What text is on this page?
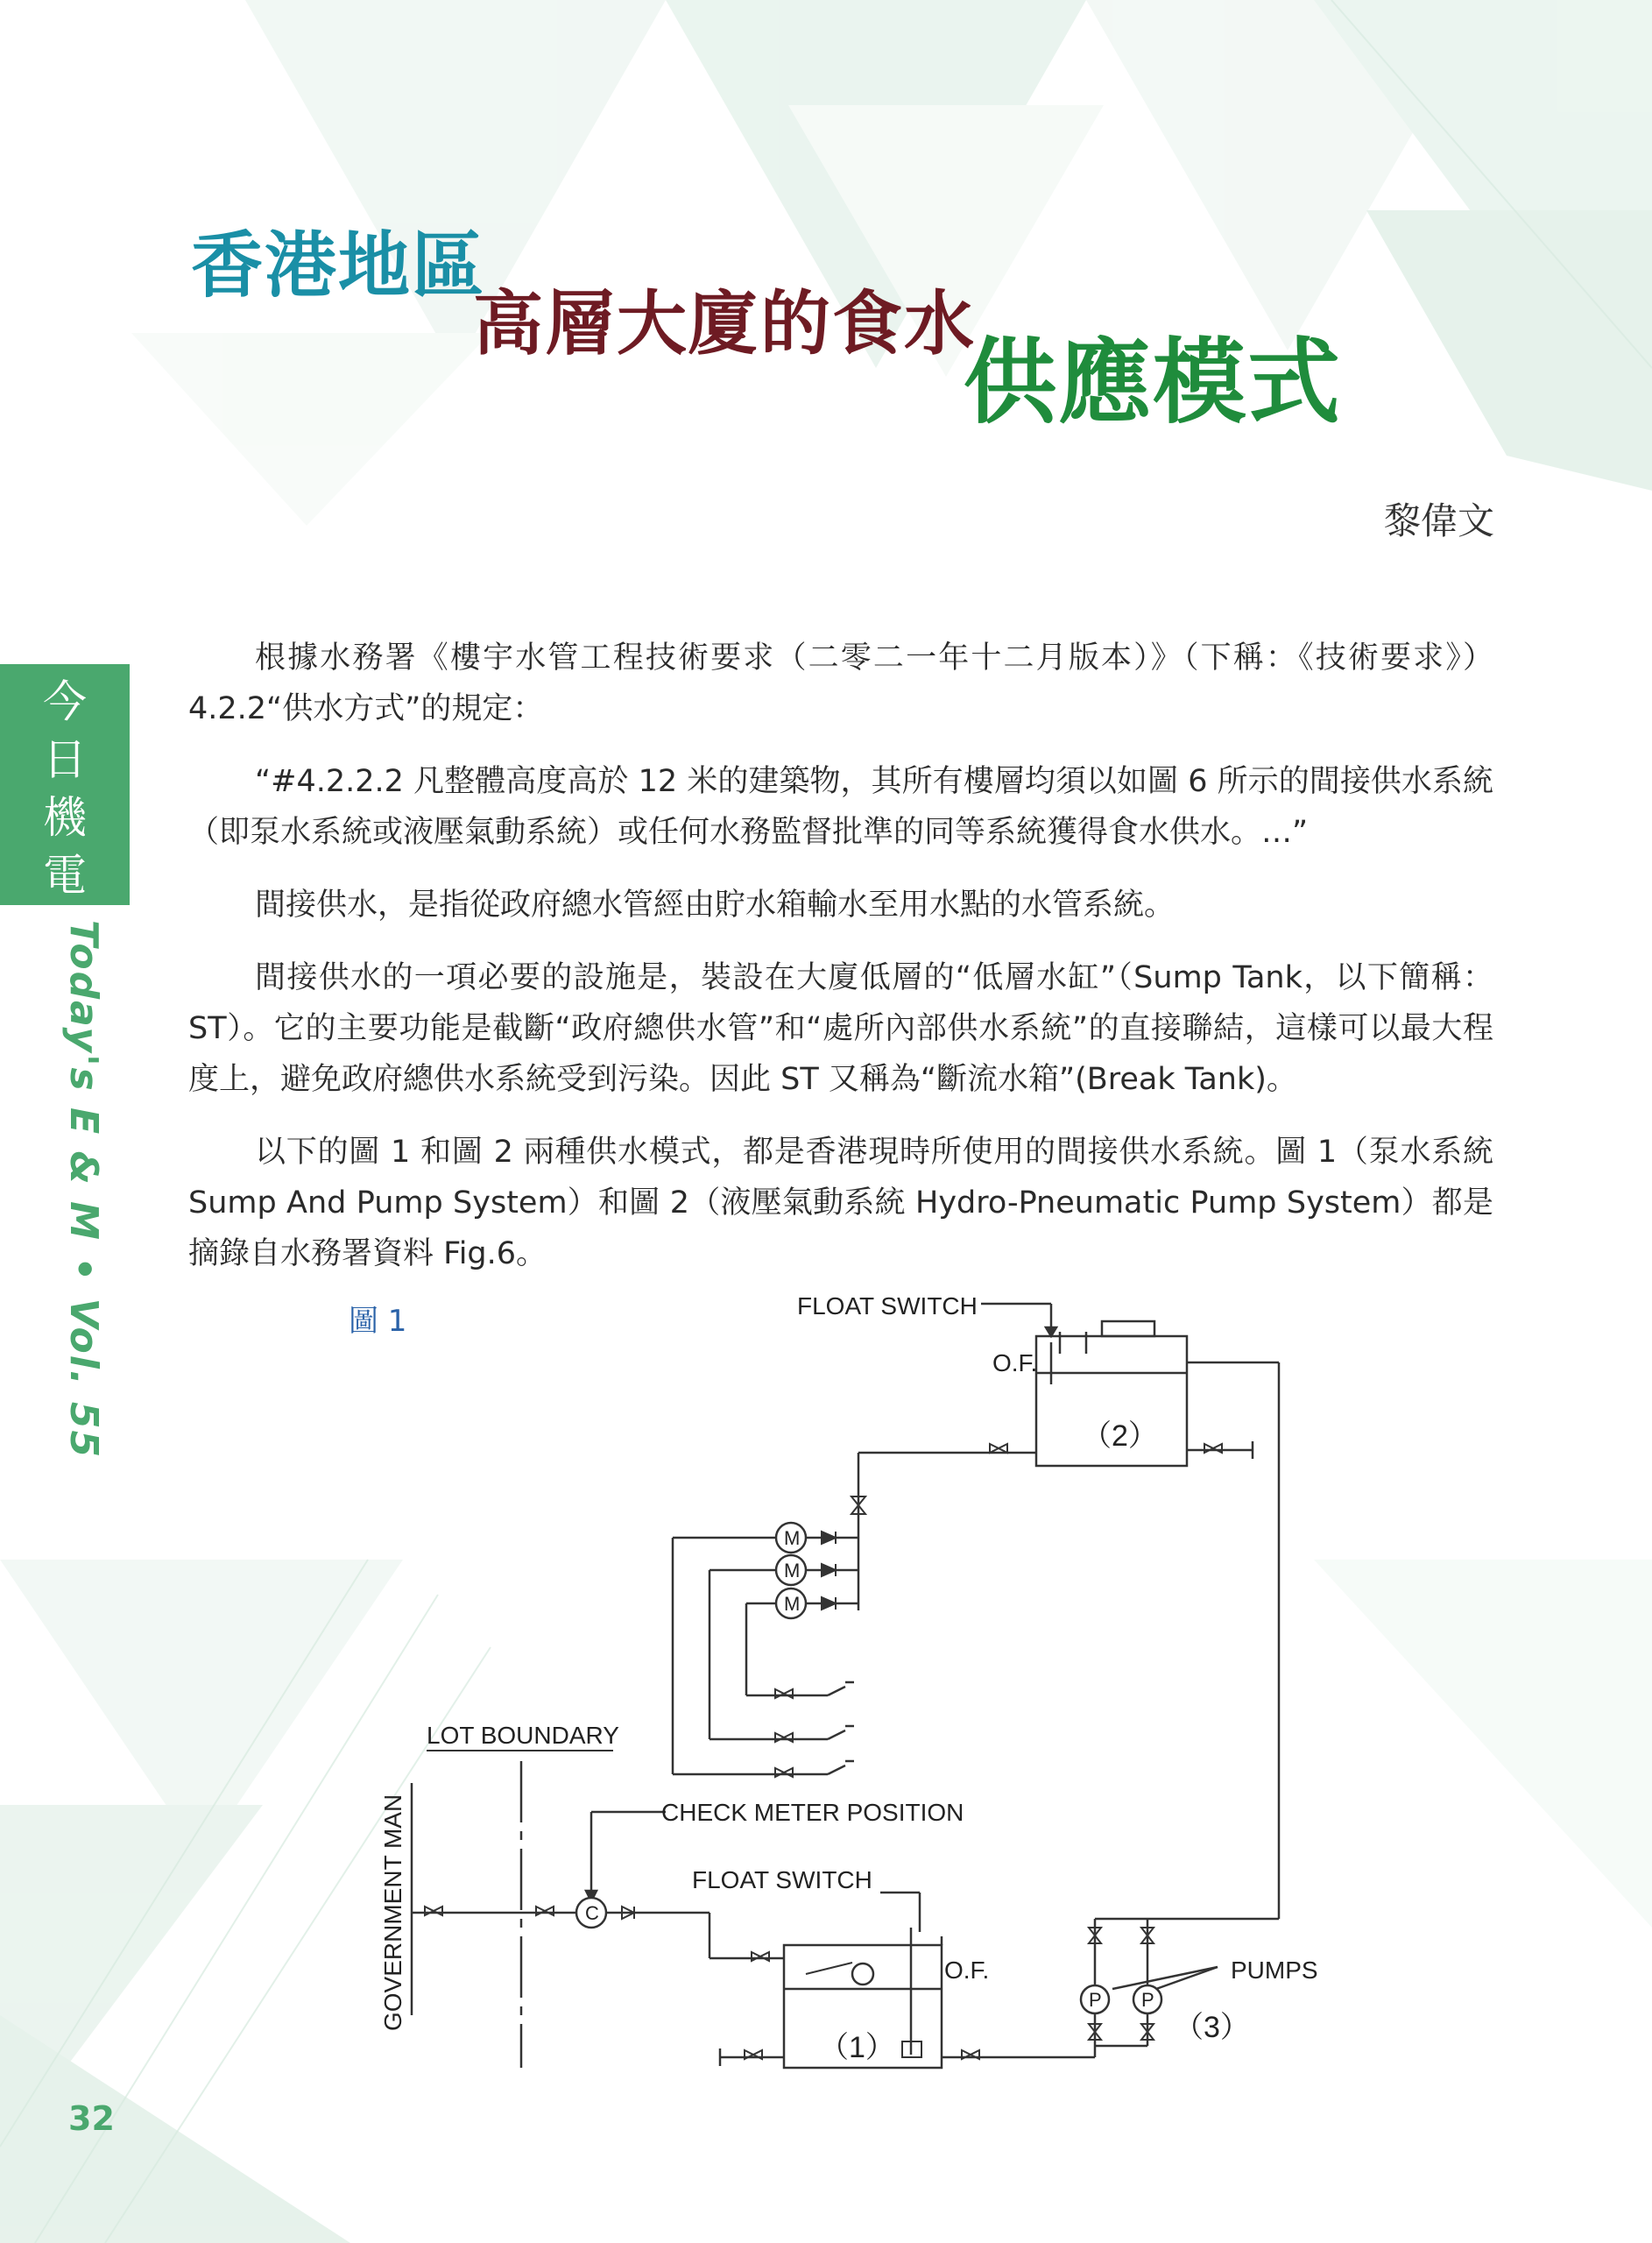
香港地區
高層大廈的食水
供應模式
黎偉文
今
日
機
電
Today's E & M • Vol. 55

根據水務署《樓宇水管工程技術要求（二零二一年十二月版本）》（下稱：《技術要求》）4.2.2“供水方式”的規定：

“#4.2.2.2 凡整體高度高於 12 米的建築物，其所有樓層均須以如圖 6 所示的間接供水系統（即泵水系統或液壓氣動系統）或任何水務監督批準的同等系統獲得食水供水。…”

間接供水，是指從政府總水管經由貯水箱輸水至用水點的水管系統。

間接供水的一項必要的設施是，裝設在大廈低層的“低層水缸”（Sump Tank，以下簡稱：ST）。它的主要功能是截斷“政府總供水管”和“處所內部供水系統”的直接聯結，這樣可以最大程度上，避免政府總供水系統受到污染。因此 ST 又稱為“斷流水箱”(Break Tank)。

以下的圖 1 和圖 2 兩種供水模式，都是香港現時所使用的間接供水系統。圖 1（泵水系統 Sump And Pump System）和圖 2（液壓氣動系統 Hydro-Pneumatic Pump System）都是摘錄自水務署資料 Fig.6。

圖 1	FLOAT SWITCH
O.F.
（2）
M
M
M
LOT BOUNDARY
GOVERNMENT MAN	CHECK METER POSITION
C
FLOAT SWITCH
O.F.
（1）
PUMPS
P P
（3）
32
